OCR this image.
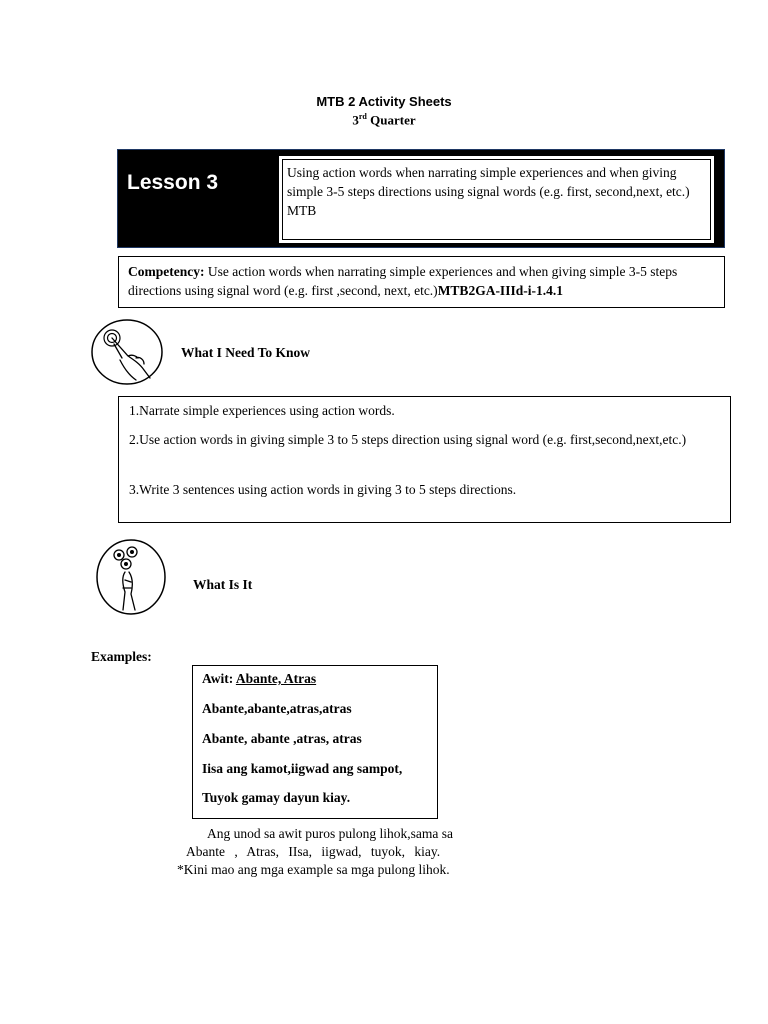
MTB 2 Activity Sheets
3rd Quarter
Lesson 3	Using action words when narrating simple experiences and when giving simple 3-5 steps directions using signal words (e.g. first, second,next, etc.) MTB
Competency: Use action words when narrating simple experiences and when giving simple 3-5 steps directions using signal word (e.g. first ,second, next, etc.)MTB2GA-IIId-i-1.4.1
What I Need To Know
1.Narrate simple experiences using action words.
2.Use action words in giving simple 3 to 5 steps direction using signal word (e.g. first,second,next,etc.)
3.Write 3 sentences using action words in giving 3 to 5 steps directions.
What Is It
Examples:
Awit: Abante, Atras
Abante,abante,atras,atras
Abante, abante ,atras, atras
Iisa ang kamot,iigwad ang sampot,
Tuyok gamay dayun kiay.
Ang unod sa awit puros pulong lihok,sama sa
Abante , Atras, IIsa, iigwad, tuyok, kiay.
*Kini mao ang mga example sa mga pulong lihok.
